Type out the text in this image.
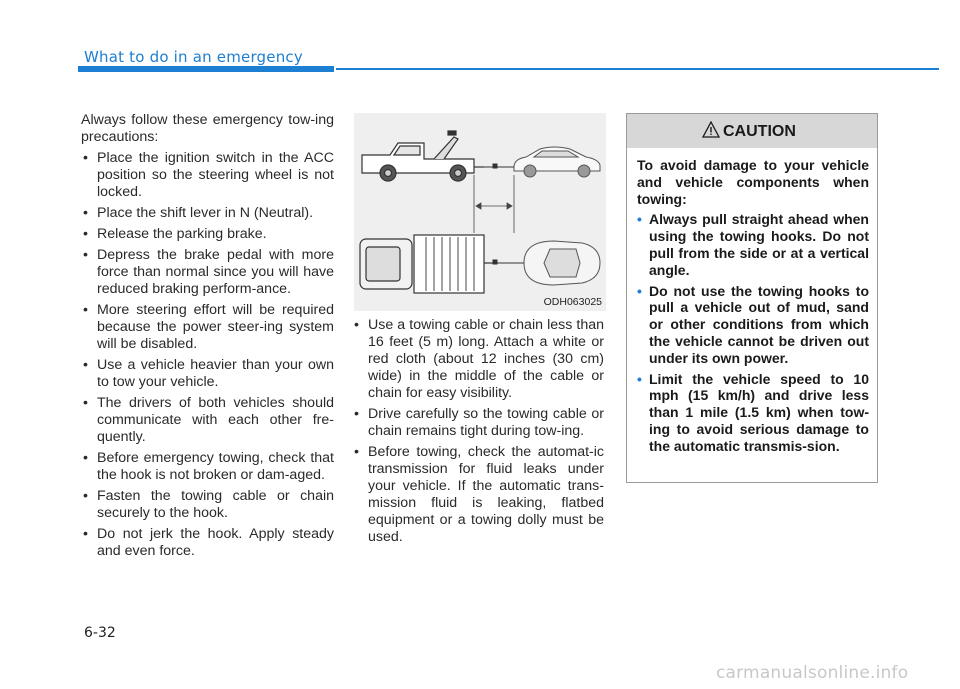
What to do in an emergency

Always follow these emergency tow-ing precautions:

• Place the ignition switch in the ACC position so the steering wheel is not locked.
• Place the shift lever in N (Neutral).
• Release the parking brake.
• Depress the brake pedal with more force than normal since you will have reduced braking perform-ance.
• More steering effort will be required because the power steer-ing system will be disabled.
• Use a vehicle heavier than your own to tow your vehicle.
• The drivers of both vehicles should communicate with each other fre-quently.
• Before emergency towing, check that the hook is not broken or dam-aged.
• Fasten the towing cable or chain securely to the hook.
• Do not jerk the hook. Apply steady and even force.
ODH063025
• Use a towing cable or chain less than 16 feet (5 m) long. Attach a white or red cloth (about 12 inches (30 cm) wide) in the middle of the cable or chain for easy visibility.
• Drive carefully so the towing cable or chain remains tight during tow-ing.
• Before towing, check the automat-ic transmission for fluid leaks under your vehicle. If the automatic trans-mission fluid is leaking, flatbed equipment or a towing dolly must be used.
CAUTION

To avoid damage to your vehicle and vehicle components when towing:

• Always pull straight ahead when using the towing hooks. Do not pull from the side or at a vertical angle.
• Do not use the towing hooks to pull a vehicle out of mud, sand or other conditions from which the vehicle cannot be driven out under its own power.
• Limit the vehicle speed to 10 mph (15 km/h) and drive less than 1 mile (1.5 km) when tow-ing to avoid serious damage to the automatic transmis-sion.
6-32
carmanualsonline.info
